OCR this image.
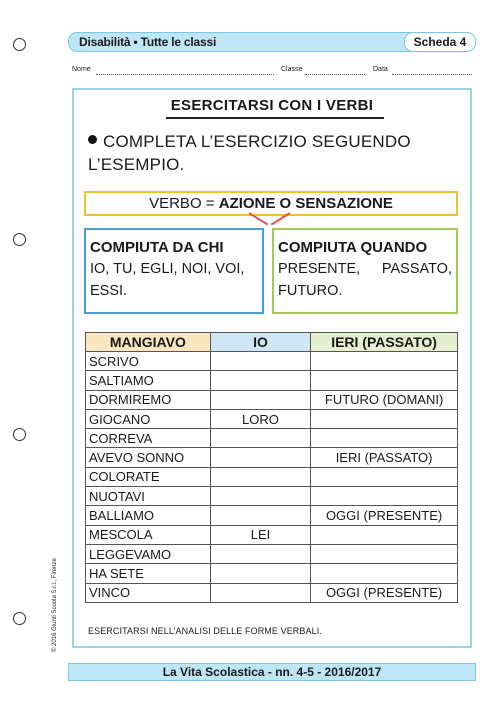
Disabilità • Tutte le classi	Scheda 4
Nome	Classe	Data
ESERCITARSI CON I VERBI
COMPLETA L’ESERCIZIO SEGUENDO L’ESEMPIO.
VERBO = AZIONE O SENSAZIONE
COMPIUTA DA CHI
IO, TU, EGLI, NOI, VOI, ESSI.
COMPIUTA QUANDO
PRESENTE, PASSATO, FUTURO.
MANGIAVO	IO	IERI (PASSATO)
SCRIVO		
SALTIAMO		
DORMIREMO		FUTURO (DOMANI)
GIOCANO	LORO	
CORREVA		
AVEVO SONNO		IERI (PASSATO)
COLORATE		
NUOTAVI		
BALLIAMO		OGGI (PRESENTE)
MESCOLA	LEI	
LEGGEVAMO		
HA SETE		
VINCO		OGGI (PRESENTE)
ESERCITARSI NELL’ANALISI DELLE FORME VERBALI.
© 2016 Giunti Scuola S.r.l., Firenze
La Vita Scolastica - nn. 4-5 - 2016/2017
